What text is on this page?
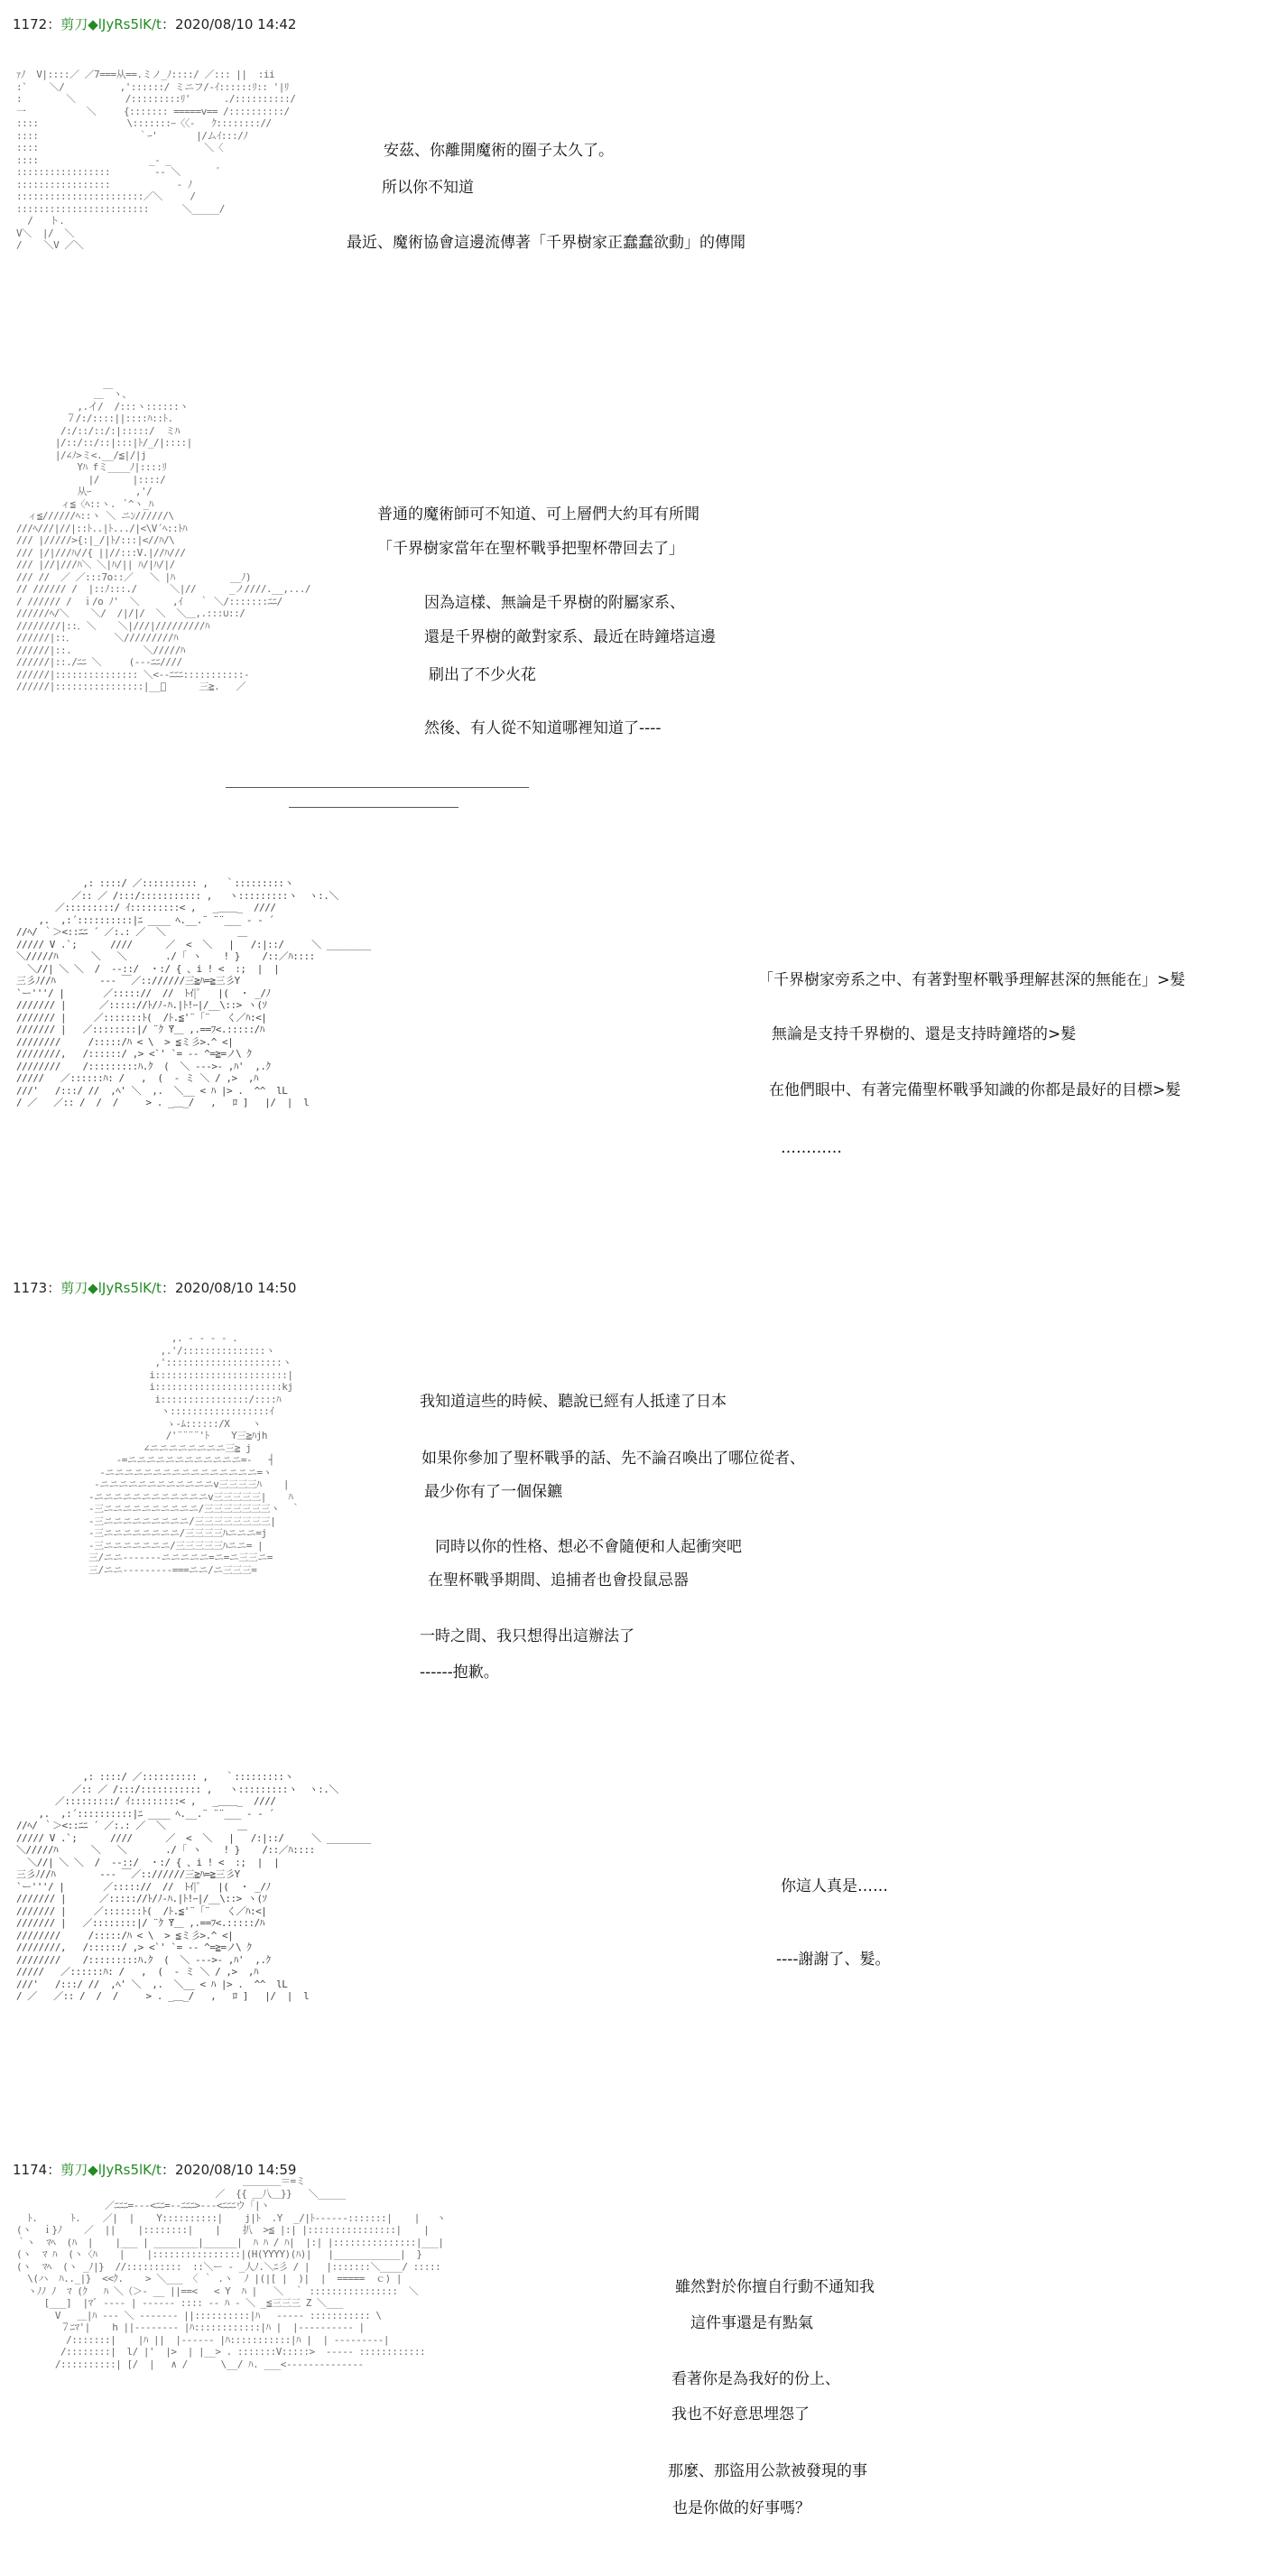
1172：剪刀◆lJyRs5lK/t：2020/08/10 14:42
ｧﾉ  V|::::／ ／7===从==.ミノ_ﾉ::::/ ／::: ||  :ii
:`    ＼/          ,'::::::/ ミニフ/-ｲ::::::ﾘ:: '|ﾘ
:        ＼         /:::::::::ﾘ'      ./::::::::::/
一           ＼     {::::::: =====v== /::::::::::/
::::                \:::::::ｰ〈〈-   ｸ:::::::://
::::                  ｀ｰ'       |/ムｲ:::/ﾉ
::::                              ＼〈
::::                    _- _
:::::::::::::::::        ‐‐ ＼       ﾞ
:::::::::::::::::            ‐ ﾉ
:::::::::::::::::::::::／＼     /
::::::::::::::::::::::::      ＼_____/
/   ト.
V＼  |/  ＼
/    ＼V ／＼
安茲、你離開魔術的圈子太久了。
所以你不知道
最近、魔術協會這邊流傳著「千界樹家正蠢蠢欲動」的傳聞
＿￣ヽ、
,.イ/  /:::ヽ::::::ヽ
７/:/::::||::::ﾊ::ﾄ.
/:/::/::/:|:::::/  ミﾊ
|/::/::/::|:::|ﾄ/_/|::::|
|/∠ﾉ>ミ<.__/≦|/|j
Yﾊ fミ____ﾉ|::::ﾘ
|/      |::::/
从ｰ        ,'/
ィ≦〈ﾍ::ヽ.  ﾞ^ヽ_ﾊ
ィ≦//////ﾍ::ヽ ＼ ニﾝ//////\
///ﾍ///|//|::ﾄ..|ﾄ.../|<\V´ﾍ::ﾄﾊ
/// |/////>{:|_/|ﾄ/:::|<//ﾊ/\
/// |/|///ﾊ//{ ||//:::V.|//ﾊ///
/// |//|///ﾊ＼ ＼|ﾊ/|| ﾊ/|ﾊ/|/
/// //  ／ ／:::7o::／   ＼ |ﾊ          __ﾉ)
// ////// /  |::ﾉ:::./      ＼|//      _ノ////.__,.../
/ ////// /  ｉ/o ﾉ'  ＼      ,ｲ   ｀ ＼/:::::::ﾆﾆ/
//////ﾍ/＼    ＼/  /|/|/  ＼  ＼＿,.:::∪::/
////////|::．＼    ＼|///|/////////ﾊ
//////|::．       ＼/////////ﾊ
//////|::.             ＼/////ﾊ
//////|::./ﾆﾆ ＼     (---ﾆﾆ////
//////|::::::::::::::: ＼<--ﾆﾆﾆ:::::::::::-
//////|::::::::::::::::|__ﾞ      三≧.   ／
普通的魔術師可不知道、可上層們大約耳有所聞
「千界樹家當年在聖杯戰爭把聖杯帶回去了」
因為這樣、無論是千界樹的附屬家系、
還是千界樹的敵對家系、最近在時鐘塔這邊
刷出了不少火花
然後、有人從不知道哪裡知道了----
,: ::::/ ／:::::::::: ,   ｀:::::::::ヽ
／:: ／ /:::/::::::::::: ,   ヽ:::::::::ヽ  ヽ:.＼
／:::::::::/ ｲ:::::::::< ,   _＿＿_  ////
,.  ,:´::::::::::|ﾆ ____ ﾍ.__.¨ ¨¨___ - ‐ ´
//ﾍ/ ｀＞<::ﾆﾆ ´ ／:.: ／  ＼             ＿
///// V .`;      ////      ／  <  ＼   |   /:|::/     ＼ ________
＼/////ﾊ      ＼   ＼       ./ ｢ ヽ    ! }    /::／ﾊ::::
＼//| ＼ ＼  /  ‐‐::/  ・:/ { 、i ! <  :;  |  |
三彡ﾉ//ﾊ        ‐‐‐ ￣／:://////三≧ﾊ=≧三彡Y
`ー'''/ |       ／::::://  //  ﾄｲ|ﾟ   |(  ・ _/ﾉ
/////// |      ／::::://ﾄ/ﾉ-ﾊ.|ﾄ!ｰ|/__\::> ヽ(ｿ
/////// |     ／:::::::ﾄ(  /ﾄ.≦'¨「¨   く／ﾊ:<|
/////// |   ／::::::::|/ ¨ｸ ̄Y＿ ,.==ﾌ<.:::::/ﾊ
////////     /:::::/ﾊ < \  > ≦ミ彡>.^ <|
////////,   /::::::/ ,> <`' `= -- ^=≧=ノ\ ｸ
////////    /:::::::::ﾊ.ｸ  (  ＼ ‐‐‐>‐ ,ﾊ'  ,.ｸ
/////   ／::::::ﾊ: /   ,  (  ‐ ミ ＼ / ,>  ,ﾊ
///'   /:::/ //  ,ﾍ' ＼  ,.  ＼__ < ﾊ |> .  ^^  lL
/ ／   ／:: /  /  /     > . _＿_/   ,   ﾛ ]   |/  |  l
「千界樹家旁系之中、有著對聖杯戰爭理解甚深的無能在」>髮
無論是支持千界樹的、還是支持時鐘塔的>髮
在他們眼中、有著完備聖杯戰爭知識的你都是最好的目標>髮
…………
1173：剪刀◆lJyRs5lK/t：2020/08/10 14:50
,. ‐ ‐ ‐ ‐ .
,.'/:::::::::::::::ヽ
,':::::::::::::::::::::ヽ
i::::::::::::::::::::::::|
i:::::::::::::::::::::::kj
i::::::::::::::::/::::ﾊ
ヽ::::::::::::::::::ｲ
ゝ-ﾑ::::::/X    ヽ
/'¨¨¨¨'ﾄ    Y三≧ﾊjh
∠ニニニニニニニニ三≧ j
-=ニニニニニニニニニニニニ=-   ┤
-ニニニニニニニニニニニニニニニニ=ヽ
-ニニニニニニニニニニニニv三三三三ﾊ    |
-ニニニニニニニニニニニニv三三三三三|    ﾊ
-三ニニニニニニニニニニ/三三三三三三三ヽ  ｀
-三ニニニニニニニニニ/三三三三三三三三|
-三ニニニニニニニニ/三三三三ﾊニニニ=j
-三ニニニニニニニ/三三三三三ﾊニニ= |
三/ニニ-------ニニニニニ=ニ=ニ三三ニ=
三/ニニ---------===ニニ/ニ三三三=
我知道這些的時候、聽說已經有人抵達了日本
如果你參加了聖杯戰爭的話、先不論召喚出了哪位從者、
最少你有了一個保鑣
同時以你的性格、想必不會隨便和人起衝突吧
在聖杯戰爭期間、追捕者也會投鼠忌器
一時之間、我只想得出這辦法了
------抱歉。
,: ::::/ ／:::::::::: ,   ｀:::::::::ヽ
／:: ／ /:::/::::::::::: ,   ヽ:::::::::ヽ  ヽ:.＼
／:::::::::/ ｲ:::::::::< ,   _＿＿_  ////
,.  ,:´::::::::::|ﾆ ____ ﾍ.__.¨ ¨¨___ - ‐ ´
//ﾍ/ ｀＞<::ﾆﾆ ´ ／:.: ／  ＼             ＿
///// V .`;      ////      ／  <  ＼   |   /:|::/     ＼ ________
＼/////ﾊ      ＼   ＼       ./ ｢ ヽ    ! }    /::／ﾊ::::
＼//| ＼ ＼  /  ‐‐::/  ・:/ { 、i ! <  :;  |  |
三彡ﾉ//ﾊ        ‐‐‐ ￣／:://////三≧ﾊ=≧三彡Y
`ー'''/ |       ／::::://  //  ﾄｲ|ﾟ   |(  ・ _/ﾉ
/////// |      ／::::://ﾄ/ﾉ-ﾊ.|ﾄ!ｰ|/__\::> ヽ(ｿ
/////// |     ／:::::::ﾄ(  /ﾄ.≦'¨「¨   く／ﾊ:<|
/////// |   ／::::::::|/ ¨ｸ ̄Y＿ ,.==ﾌ<.:::::/ﾊ
////////     /:::::/ﾊ < \  > ≦ミ彡>.^ <|
////////,   /::::::/ ,> <`' `= -- ^=≧=ノ\ ｸ
////////    /:::::::::ﾊ.ｸ  (  ＼ ‐‐‐>‐ ,ﾊ'  ,.ｸ
/////   ／::::::ﾊ: /   ,  (  ‐ ミ ＼ / ,>  ,ﾊ
///'   /:::/ //  ,ﾍ' ＼  ,.  ＼__ < ﾊ |> .  ^^  lL
/ ／   ／:: /  /  /     > . _＿_/   ,   ﾛ ]   |/  |  l
你這人真是……
----謝謝了、髮。
1174：剪刀◆lJyRs5lK/t：2020/08/10 14:59
＿＿＿＿＝=ミ
／  {{ ＿八＿}}   ＼_____
／ﾆﾆﾆ=---<ﾆﾆ=-‐ﾆﾆﾆ>---<ﾆﾆﾆウ「|ヽ
ﾄ.      ﾄ.    ／|  |    Y::::::::::|    j|ﾄ  .Y  _/|ﾄ‐‐‐‐‐-:::::::|    |   ヽ
(ヽ  ｉ}ﾉ    ／  ||    |::::::::|    |    扒  >≦ |:| |::::::::::::::::|    |
｀ヽ  ﾏﾍ  (ﾊ  |    |___ | ________|______|  ﾊ ﾊ / ﾊ|  |:| |:::::::::::::::|___|
(ヽ  ﾏ ﾊ  (ヽ〈ﾊ    |    |::::::::::::::::|(H(YYYY)(ﾊ)|   |____________|  }
(ヽ  ﾏﾍ  (ヽ _ﾉ|}  //::::::::::  ::＼ー ‐ _人ﾉ.＼ﾆ彡 / |   |:::::::＼____/ :::::
\(ハ  ﾊ.._|}  <<ｸ.    > ＼___ 〈 ｀ .ヽ  ﾉ |(|[ |  )|  |  =====  ｃ) |
ヽﾉﾉ ﾉ  ﾏ (ｸ   ﾊ ＼（＞‐ __ ||==<   < Y  ﾊ |   ＼  ｀ ::::::::::::::::  ＼
[___]  |ﾏﾞ ‐‐‐‐ | ‐‐‐‐‐- :::: ‐‐ ﾊ ‐ ＼ _≦三三三 Z ＼___
V   ＿|ﾊ ‐‐‐ ＼ ‐‐‐‐‐‐‐ ||::::::::::|ﾊ   ‐‐‐‐‐ ::::::::::: \
７ﾆﾏ'|    h ||‐‐‐‐‐‐‐‐ |ﾊ::::::::::::|ﾊ |  |‐‐‐‐‐‐‐‐‐‐ |
/:::::::|    |ﾊ ||  |‐‐‐‐‐‐ |ﾊ:::::::::::|ﾊ |  | ‐‐‐‐‐‐‐‐‐|
/::::::::|  l/ |'  |>  | |__> . :::::::V:::::>  ‐‐‐‐‐ ::::::::::::
/::::::::::| [/  |   ∧ /      \__/ ﾊ. ___<‐‐‐‐‐‐‐‐‐‐‐‐‐‐
雖然對於你擅自行動不通知我
這件事還是有點氣
看著你是為我好的份上、
我也不好意思埋怨了
那麼、那盜用公款被發現的事
也是你做的好事嗎？
